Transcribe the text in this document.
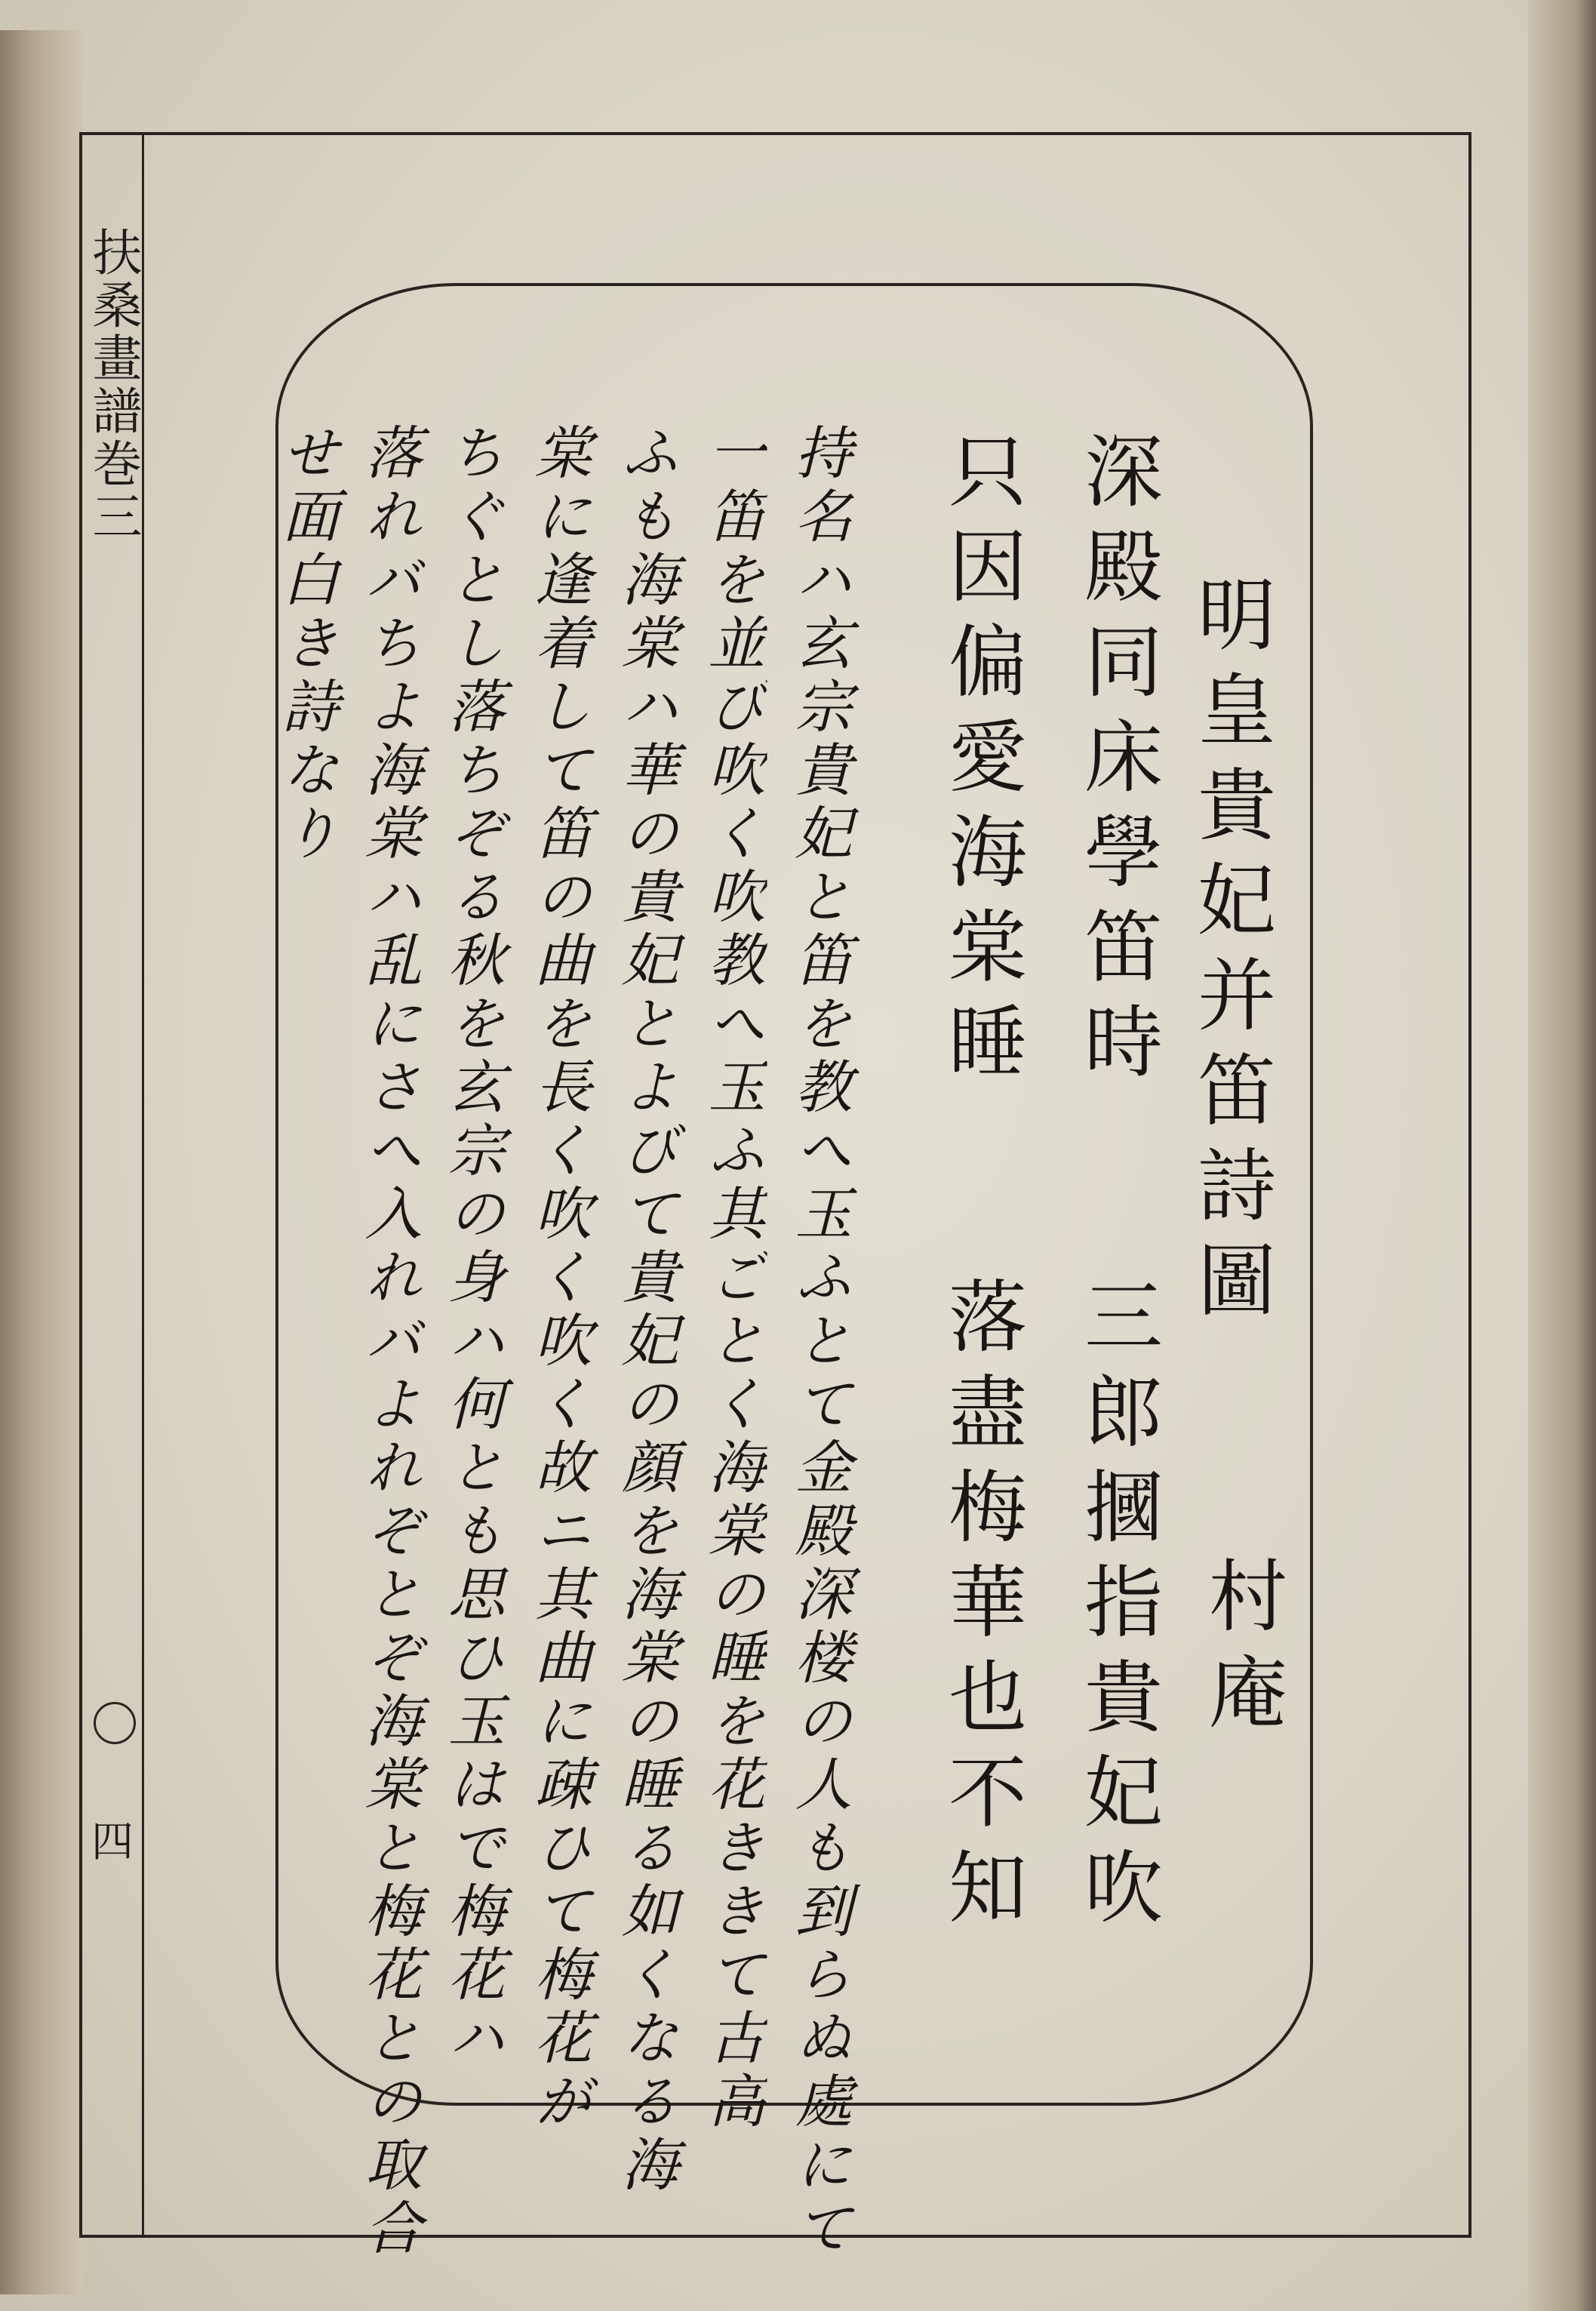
扶桑畫譜巻三
四
明皇貴妃并笛詩圖
深殿同床學笛時
只因偏愛海棠睡
三郎摑指貴妃吹
落盡梅華也不知 村庵
持名ハ玄宗貴妃と笛を教へ玉ふとて金殿深楼の人も到らぬ處にて
一笛を並び吹く吹教へ玉ふ其ごとく海棠の睡を花ききて古高
ふも海棠ハ華の貴妃とよびて貴妃の顔を海棠の睡る如くなる海
棠に逢着して笛の曲を長く吹く吹く故ニ其曲に疎ひて梅花が
ちぐとし落ちぞる秋を玄宗の身ハ何とも思ひ玉はで梅花ハ
落れバちよ海棠ハ乱にさへ入れバよれぞとぞ海棠と梅花との取合
せ面白き詩なり
